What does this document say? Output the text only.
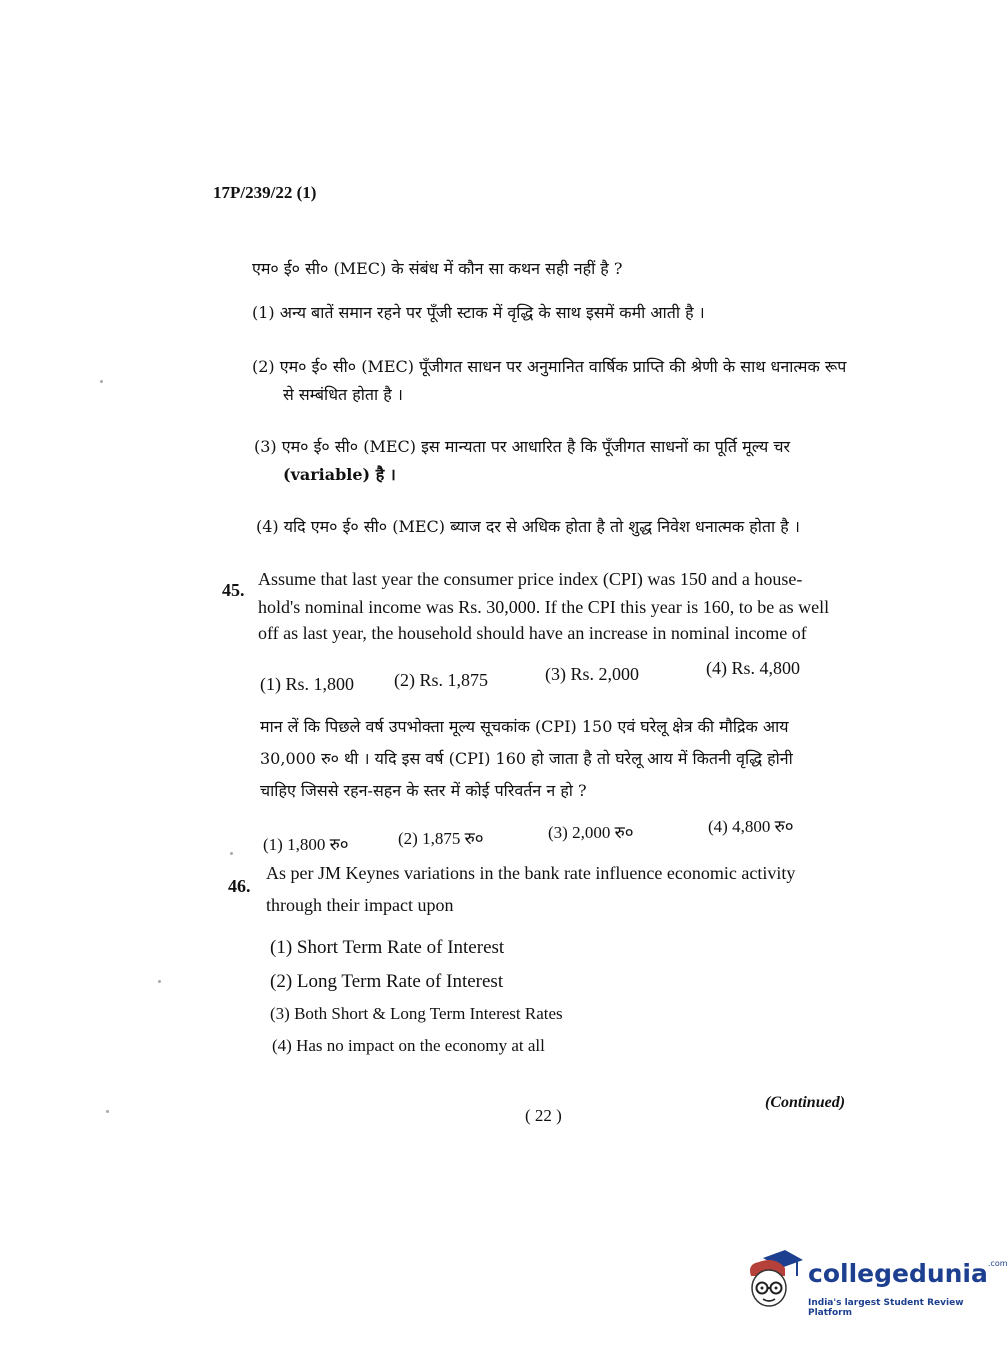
17P/239/22 (1)
एम० ई० सी० (MEC) के संबंध में कौन सा कथन सही नहीं है ?
(1) अन्य बातें समान रहने पर पूँजी स्टाक में वृद्धि के साथ इसमें कमी आती है ।
(2) एम० ई० सी० (MEC) पूँजीगत साधन पर अनुमानित वार्षिक प्राप्ति की श्रेणी के साथ धनात्मक रूप
से सम्बंधित होता है ।
(3) एम० ई० सी० (MEC) इस मान्यता पर आधारित है कि पूँजीगत साधनों का पूर्ति मूल्य चर
(variable) है ।
(4) यदि एम० ई० सी० (MEC) ब्याज दर से अधिक होता है तो शुद्ध निवेश धनात्मक होता है ।
45.
Assume that last year the consumer price index (CPI) was 150 and a house-
hold's nominal income was Rs. 30,000. If the CPI this year is 160, to be as well
off as last year, the household should have an increase in nominal income of
(1) Rs. 1,800 (2) Rs. 1,875	(3) Rs. 2,000	(4) Rs. 4,800
मान लें कि पिछले वर्ष उपभोक्ता मूल्य सूचकांक (CPI) 150 एवं घरेलू क्षेत्र की मौद्रिक आय
30,000 रु० थी । यदि इस वर्ष (CPI) 160 हो जाता है तो घरेलू आय में कितनी वृद्धि होनी
चाहिए जिससे रहन-सहन के स्तर में कोई परिवर्तन न हो ?
(1) 1,800 रु०	(2) 1,875 रु०	(3) 2,000 रु०	(4) 4,800 रु०
46.
As per JM Keynes variations in the bank rate influence economic activity
through their impact upon
(1) Short Term Rate of Interest
(2) Long Term Rate of Interest
(3) Both Short & Long Term Interest Rates
(4) Has no impact on the economy at all
( 22 )
(Continued)
collegedunia$^{.com}$
India's largest Student Review Platform
